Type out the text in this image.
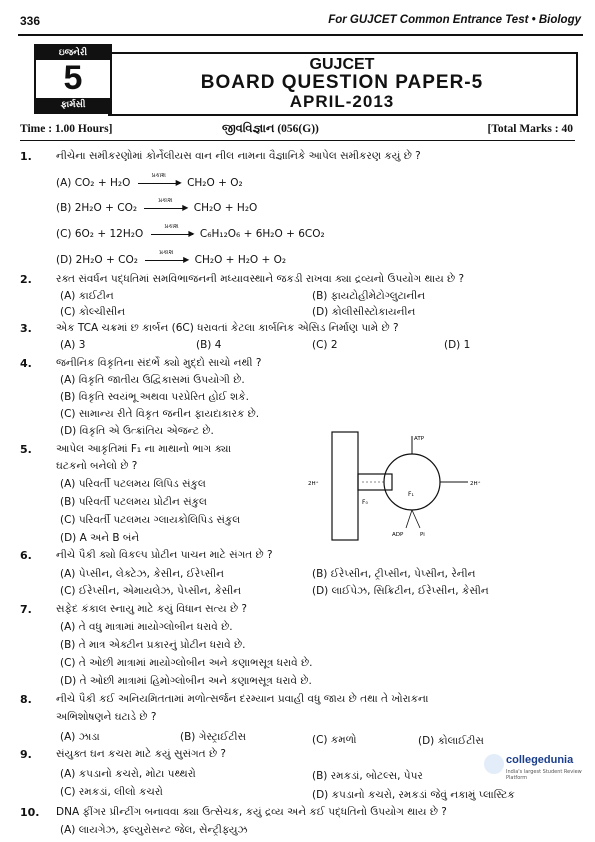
336	For GUJCET Common Entrance Test • Biology
ઇજનેરી
5
ફાર્મસી
GUJCET
BOARD QUESTION PAPER-5
APRIL-2013
Time : 1.00 Hours]	જીવવિજ્ઞાન (056(G))	[Total Marks : 40
1. નીચેના સમીકરણોમાં કોર્નેલીયસ વાન નીલ નામના વૈજ્ઞાનિકે આપેલ સમીકરણ કયું છે ?
(A) CO₂ + H₂O
પ્રકાશ
▶ CH₂O + O₂
(B) 2H₂O + CO₂
પ્રકાશ
▶ CH₂O + H₂O
(C) 6O₂ + 12H₂O
પ્રકાશ
▶ C₆H₁₂O₆ + 6H₂O + 6CO₂
(D) 2H₂O + CO₂
પ્રકાશ
▶ CH₂O + H₂O + O₂
2. રક્ત સંવર્ધન પદ્ધતિમાં સમવિભાજનની મધ્યાવસ્થાને જકડી રાખવા ક્યા દ્રવ્યનો ઉપયોગ થાય છે ?
(A) કાઈટીન	(B) ફાયટોહીમેટોગ્લુટાનીન
(C) કોલ્ચીસીન	(D) કોલીસીસ્ટોકાયનીન
3. એક TCA ચક્રમાં છ કાર્બન (6C) ધરાવતાં કેટલા કાર્બનિક એસિડ નિર્માણ પામે છે ?
(A) 3	(B) 4	(C) 2	(D) 1
4. જનીનિક વિકૃતિના સંદર્ભે ક્યો મુદ્દો સાચો નથી ?
(A) વિકૃતિ જાતીય ઉદ્વિકાસમાં ઉપયોગી છે.
(B) વિકૃતિ સ્વયંભૂ અથવા પરપ્રેરિત હોઈ શકે.
(C) સામાન્ય રીતે વિકૃત જનીન ફાયદાકારક છે.
(D) વિકૃતિ એ ઉત્ક્રાંતિય એજન્ટ છે.
5. આપેલ આકૃતિમાં F₁ ના માથાનો ભાગ ક્યા
ઘટકનો બનેલો છે ?
(A) પરિવર્તી પટલમય લિપિડ સંકુલ
(B) પરિવર્તી પટલમય પ્રોટીન સંકુલ
(C) પરિવર્તી પટલમય ગ્લાયકોલિપિડ સંકુલ
(D) A અને B બંને
ATP
2H⁺	2H⁺
F₁
F₀
ADP	Pi
6. નીચે પૈકી ક્યો વિકલ્પ પ્રોટીન પાચન માટે સંગત છે ?
(A) પેપ્સીન, લેક્ટેઝ, કેસીન, ઈરેપ્સીન	(B) ઈરેપ્સીન, ટ્રીપ્સીન, પેપ્સીન, રેનીન
(C) ઈરેપ્સીન, એમાયલેઝ, પેપ્સીન, કેસીન	(D) લાઈપેઝ, સિક્રિટીન, ઈરેપ્સીન, કેસીન
7. સફેદ કંકાલ સ્નાયુ માટે કયું વિધાન સત્ય છે ?
(A) તે વધુ માત્રામાં માયોગ્લોબીન ધરાવે છે.
(B) તે માત્ર એક્ટીન પ્રકારનું પ્રોટીન ધરાવે છે.
(C) તે ઓછી માત્રામાં માયોગ્લોબીન અને કણાભસૂત્ર ધરાવે છે.
(D) તે ઓછી માત્રામાં હિમોગ્લોબીન અને કણાભસૂત્ર ધરાવે છે.
8. નીચે પૈકી કઈ અનિયમિતતામાં મળોત્સર્જન દરમ્યાન પ્રવાહી વધુ જાય છે તથા તે ખોરાકના
અભિશોષણને ઘટાડે છે ?
(A) ઝાડા	(B) ગેસ્ટ્રાઈટીસ	(C) કમળો	(D) કોલાઈટીસ
9. સંયુક્ત ઘન કચરા માટે કયું સુસંગત છે ?
(A) કપડાનો કચરો, મોટા પથ્થરો	(B) રમકડાં, બોટલ્સ, પેપર
(C) રમકડાં, લીલો કચરો	(D) કપડાનો કચરો, રમકડાં જેવું નકામું પ્લાસ્ટિક
10. DNA ફીંગર પ્રીન્ટીંગ બનાવવા ક્યા ઉત્સેચક, કયું દ્રવ્ય અને કઈ પદ્ધતિનો ઉપયોગ થાય છે ?
(A) લાયગેઝ, ફ્લ્યુરોસન્ટ જેલ, સેન્ટ્રીફ્યુઝ
collegedunia
India's largest Student Review Platform
